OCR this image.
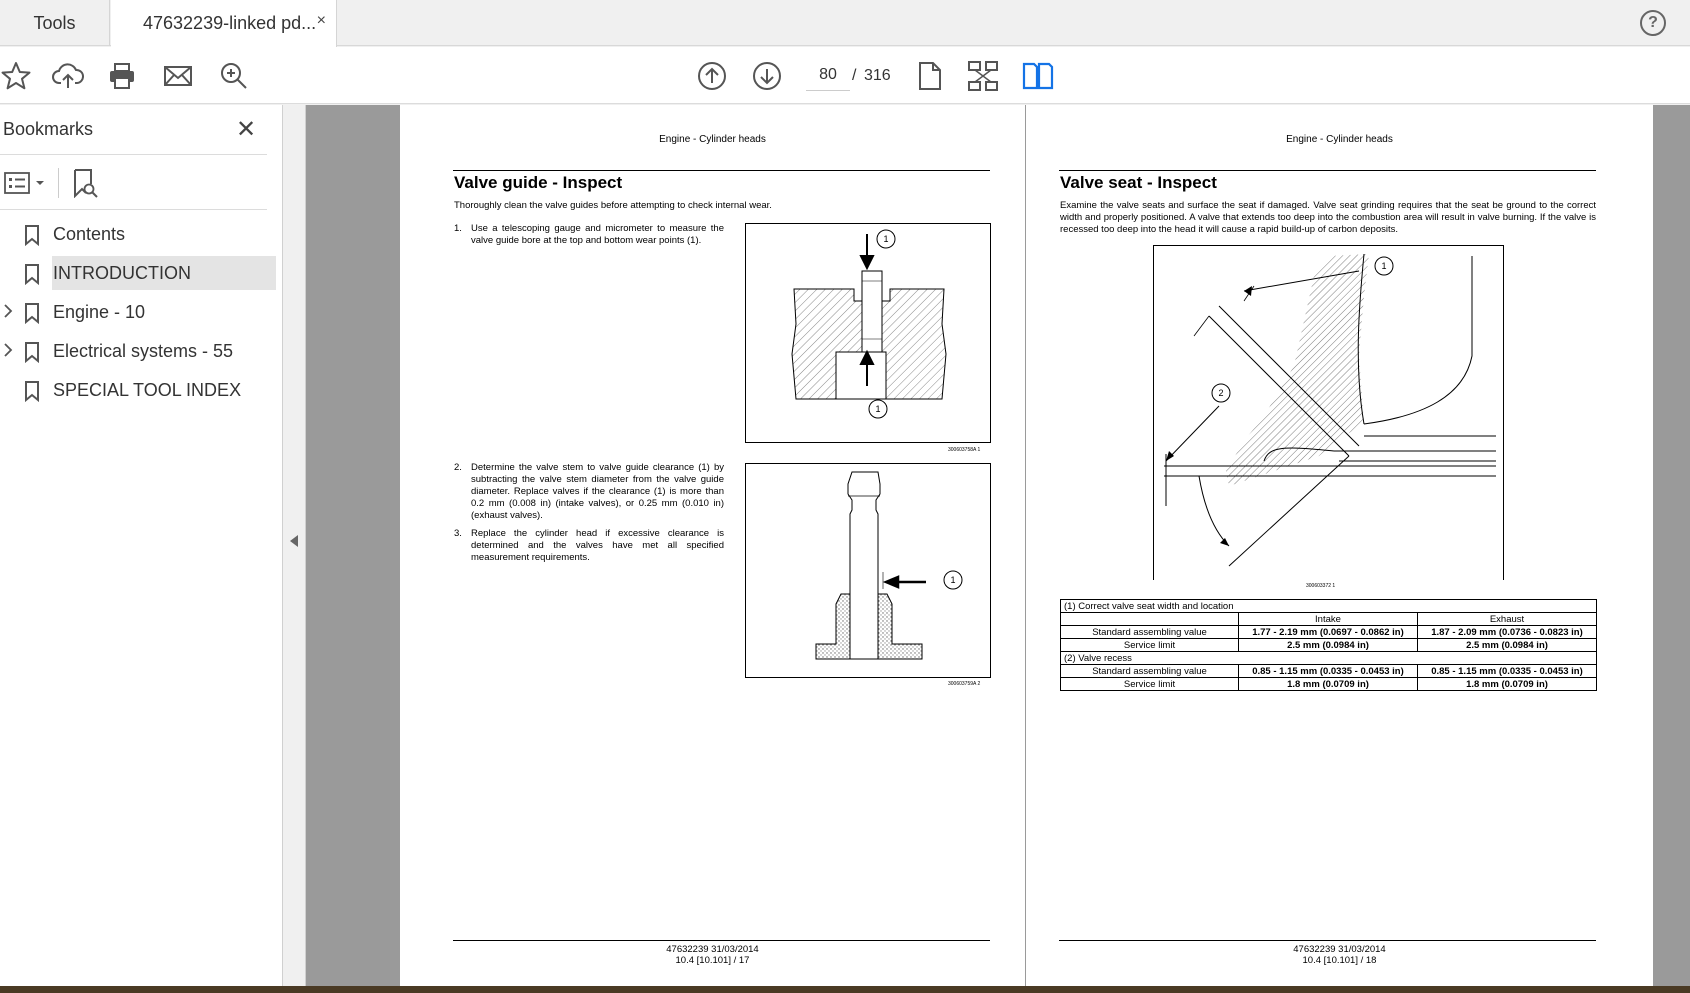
Tools	47632239-linked pd... ×	?
80 / 316
Bookmarks	✕
Contents
INTRODUCTION
Engine - 10
Electrical systems - 55
SPECIAL TOOL INDEX
Engine - Cylinder heads
Valve guide - Inspect
Thoroughly clean the valve guides before attempting to check internal wear.
1. Use a telescoping gauge and micrometer to measure the valve guide bore at the top and bottom wear points (1).
2. Determine the valve stem to valve guide clearance (1) by subtracting the valve stem diameter from the valve guide diameter. Replace valves if the clearance (1) is more than 0.2 mm (0.008 in) (intake valves), or 0.25 mm (0.010 in) (exhaust valves).
3. Replace the cylinder head if excessive clearance is determined and the valves have met all specified measurement requirements.
1
1
300603758A 1
1
300603759A 2
47632239 31/03/2014
10.4 [10.101] / 17
Engine - Cylinder heads
Valve seat - Inspect
Examine the valve seats and surface the seat if damaged. Valve seat grinding requires that the seat be ground to the correct width and properly positioned. A valve that extends too deep into the combustion area will result in valve burning. If the valve is recessed too deep into the head it will cause a rapid build-up of carbon deposits.
1
2
300603372 1
(1) Correct valve seat width and location		
	Intake	Exhaust
Standard assembling value	1.77 - 2.19 mm (0.0697 - 0.0862 in)	1.87 - 2.09 mm (0.0736 - 0.0823 in)
Service limit	2.5 mm (0.0984 in)	2.5 mm (0.0984 in)
(2) Valve recess		
Standard assembling value	0.85 - 1.15 mm (0.0335 - 0.0453 in)	0.85 - 1.15 mm (0.0335 - 0.0453 in)
Service limit	1.8 mm (0.0709 in)	1.8 mm (0.0709 in)
47632239 31/03/2014
10.4 [10.101] / 18
